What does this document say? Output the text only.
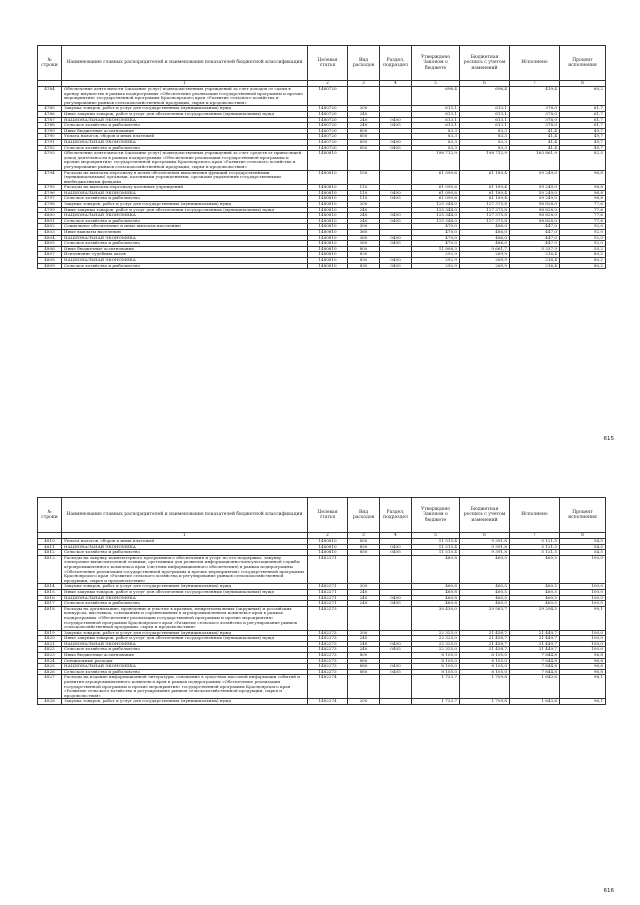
№ строки	Наименование главных распорядителей и наименование показателей бюджетной классификации	Целевая статья	Вид расходов	Раздел, подраздел	Утверждено Законом о бюджете	Бюджетная роспись с учетом изменений	Исполнено	Процент исполнения
	1	2	3	4	5	6	7	8
4784	Обеспечение деятельности (оказание услуг) подведомственных учреждений за счет доходов от сдачи в аренду имущества в рамках подпрограммы «Обеспечение реализации государственной программы и прочие мероприятия» государственной программы Красноярского края «Развитие сельского хозяйства и регулирование рынков сельскохозяйственной продукции, сырья и продовольствия»	1480720			696,4	696,4	419,4	60,2
4785	Закупка товаров, работ и услуг для государственных (муниципальных) нужд	1480720	200		613,1	613,1	378,0	61,7
4786	Иные закупки товаров, работ и услуг для обеспечения государственных (муниципальных) нужд	1480720	240		613,1	613,1	378,0	61,7
4787	НАЦИОНАЛЬНАЯ ЭКОНОМИКА	1480720	240	0400	613,1	613,1	378,0	61,7
4788	Сельское хозяйство и рыболовство	1480720	240	0405	613,1	613,1	378,0	61,7
4789	Иные бюджетные ассигнования	1480720	800		83,3	83,3	41,4	49,7
4790	Уплата налогов, сборов и иных платежей	1480720	850		83,3	83,3	41,4	49,7
4791	НАЦИОНАЛЬНАЯ ЭКОНОМИКА	1480720	850	0400	83,3	83,3	41,4	49,7
4792	Сельское хозяйство и рыболовство	1480720	850	0405	83,3	83,3	41,4	49,7
4793	Обеспечение деятельности (оказание услуг) подведомственных учреждений за счет средств от приносящей доход деятельности в рамках подпрограммы «Обеспечение реализации государственной программы и прочие мероприятия» государственной программы Красноярского края «Развитие сельского хозяйства и регулирование рынков сельскохозяйственной продукции, сырья и продовольствия»	1480810			198 712,9	198 712,9	163 861,9	82,5
4794	Расходы на выплаты персоналу в целях обеспечения выполнения функций государственными (муниципальными) органами, казенными учреждениями, органами управления государственными внебюджетными фондами	1480810	100		61 090,6	61 189,4	59 249,0	96,8
4795	Расходы на выплаты персоналу казенных учреждений	1480810	110		61 090,6	61 189,4	59 249,0	96,8
4796	НАЦИОНАЛЬНАЯ ЭКОНОМИКА	1480810	110	0400	61 090,6	61 189,4	59 249,0	96,8
4797	Сельское хозяйство и рыболовство	1480810	110	0405	61 090,6	61 189,4	59 249,0	96,8
4798	Закупка товаров, работ и услуг для государственных (муниципальных) нужд	1480810	200		125 344,0	127 375,8	98 828,0	77,6
4799	Иные закупки товаров, работ и услуг для обеспечения государственных (муниципальных) нужд	1480810	240		125 344,0	127 375,8	98 828,0	77,6
4800	НАЦИОНАЛЬНАЯ ЭКОНОМИКА	1480810	240	0400	125 344,0	127 375,8	98 828,0	77,6
4801	Сельское хозяйство и рыболовство	1480810	240	0405	125 344,0	127 375,8	98 828,0	77,6
4802	Социальное обеспечение и иные выплаты населению	1480810	300		470,0	486,0	447,0	92,0
4803	Иные выплаты населению	1480810	360		470,0	486,0	447,0	92,0
4804	НАЦИОНАЛЬНАЯ ЭКОНОМИКА	1480810	360	0400	470,0	486,0	447,0	92,0
4805	Сельское хозяйство и рыболовство	1480810	360	0405	470,0	486,0	447,0	92,0
4806	Иные бюджетные ассигнования	1480810	800		11 808,3	9 661,7	5 337,9	55,2
4807	Исполнение судебных актов	1480810	830		292,9	269,9	216,4	80,2
4808	НАЦИОНАЛЬНАЯ ЭКОНОМИКА	1480810	830	0400	292,9	269,9	216,4	80,2
4809	Сельское хозяйство и рыболовство	1480810	830	0405	292,9	269,9	216,4	80,2
615
№ строки	Наименование главных распорядителей и наименование показателей бюджетной классификации	Целевая статья	Вид расходов	Раздел, подраздел	Утверждено Законом о бюджете	Бюджетная роспись с учетом изменений	Исполнено	Процент исполнения
	1	2	3	4	5	6	7	8
4810	Уплата налогов, сборов и иных платежей	1480810	850		11 515,4	9 391,8	5 121,5	54,5
4811	НАЦИОНАЛЬНАЯ ЭКОНОМИКА	1480810	850	0400	11 515,4	9 391,8	5 121,5	54,5
4812	Сельское хозяйство и рыболовство	1480810	850	0405	11 515,4	9 391,8	5 121,5	54,5
4813	Расходы на закупку компьютерного программного обеспечения и услуг по его поддержке, закупку электронно-вычислительной техники, оргтехники для развития информационно-консультационной службы агропромышленного комплекса края (системы информационного обеспечения) в рамках подпрограммы «Обеспечение реализации государственной программы и прочие мероприятия» государственной программы Красноярского края «Развитие сельского хозяйства и регулирование рынков сельскохозяйственной продукции, сырья и продовольствия»	1482271			460,8	460,5	460,5	100,0
4814	Закупка товаров, работ и услуг для государственных (муниципальных) нужд	1482271	200		460,8	460,5	460,5	100,0
4815	Иные закупки товаров, работ и услуг для обеспечения государственных (муниципальных) нужд	1482271	240		460,8	460,5	460,5	100,0
4816	НАЦИОНАЛЬНАЯ ЭКОНОМИКА	1482271	240	0400	460,8	460,5	460,5	100,0
4817	Сельское хозяйство и рыболовство	1482271	240	0405	460,8	460,5	460,5	100,0
4818	Расходы на организацию, проведение и участие в краевых, межрегиональных (окружных) и российских конкурсах, выставках, совещаниях и соревнованиях в агропромышленном комплексе края в рамках подпрограммы «Обеспечение реализации государственной программы и прочие мероприятия» государственной программы Красноярского края «Развитие сельского хозяйства и регулирование рынков сельскохозяйственной продукции, сырья и продовольствия»	1482273			30 430,0	29 563,7	29 294,5	99,1
4819	Закупка товаров, работ и услуг для государственных (муниципальных) нужд	1482273	200		22 325,0	21 458,7	21 449,7	100,0
4820	Иные закупки товаров, работ и услуг для обеспечения государственных (муниципальных) нужд	1482273	240		22 325,0	21 458,7	21 449,7	100,0
4821	НАЦИОНАЛЬНАЯ ЭКОНОМИКА	1482273	240	0400	22 325,0	21 458,7	21 449,7	100,0
4822	Сельское хозяйство и рыболовство	1482273	240	0405	22 325,0	21 458,7	21 449,7	100,0
4823	Иные бюджетные ассигнования	1482273	800		8 105,0	8 105,0	7 844,8	96,8
4824	Специальные расходы	1482273	880		8 105,0	8 105,0	7 844,8	96,8
4825	НАЦИОНАЛЬНАЯ ЭКОНОМИКА	1482273	880	0400	8 105,0	8 105,0	7 844,8	96,8
4826	Сельское хозяйство и рыболовство	1482273	880	0405	8 105,0	8 105,0	7 844,8	96,8
4827	Расходы на издание информационной литературы, освещение в средствах массовой информации событий и развития агропромышленного комплекса края в рамках подпрограммы «Обеспечение реализации государственной программы и прочие мероприятия» государственной программы Красноярского края «Развитие сельского хозяйства и регулирование рынков сельскохозяйственной продукции, сырья и продовольствия»	1482274			1 723,7	1 709,8	1 643,6	96,1
4828	Закупка товаров, работ и услуг для государственных (муниципальных) нужд	1482274	200		1 723,7	1 709,8	1 643,6	96,1
616
